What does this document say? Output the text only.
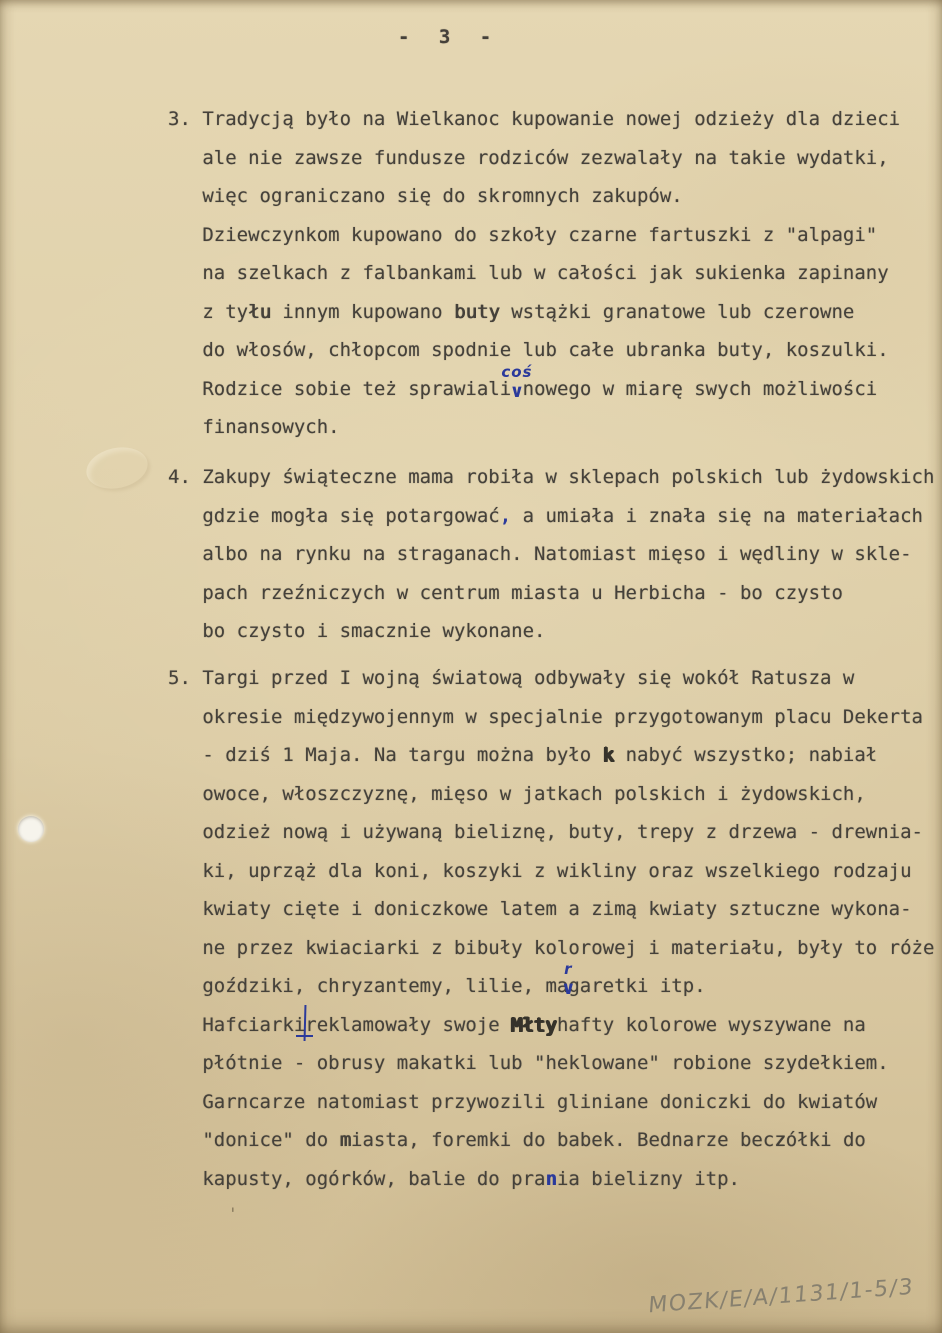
- 3 -
3. Tradycją było na Wielkanoc kupowanie nowej odzieży dla dzieci
ale nie zawsze fundusze rodziców zezwalały na takie wydatki,
więc ograniczano się do skromnych zakupów.
Dziewczynkom kupowano do szkoły czarne fartuszki z "alpagi"
na szelkach z falbankami lub w całości jak sukienka zapinany
z tyłu innym kupowano buty wstążki granatowe lub czerowne
do włosów, chłopcom spodnie lub całe ubranka buty, koszulki.
Rodzice sobie też sprawiali ∨   coś nowego w miarę swych możliwości
finansowych.
4. Zakupy świąteczne mama robiła w sklepach polskich lub żydowskich
gdzie mogła się potargować, a umiała i znała się na materiałach
albo na rynku na straganach. Natomiast mięso i wędliny w skle-
pach rzeźniczych w centrum miasta u Herbicha - bo czysto
bo czysto i smacznie wykonane.
5. Targi przed I wojną światową odbywały się wokół Ratusza w
okresie międzywojennym w specjalnie przygotowanym placu Dekerta
- dziś 1 Maja. Na targu można było k nabyć wszystko; nabiał
owoce, włoszczyznę, mięso w jatkach polskich i żydowskich,
odzież nową i używaną bieliznę, buty, trepy z drzewa - drewnia-
ki, uprząż dla koni, koszyki z wikliny oraz wszelkiego rodzaju
kwiaty cięte i doniczkowe latem a zimą kwiaty sztuczne wykona-
ne przez kwiaciarki z bibuły kolorowej i materiału, były to róże
goździki, chryzantemy, lilie, magaretki itp.
Hafciarkireklamowały swoje Młtyhafty kolorowe wyszywane na
płótnie - obrusy makatki lub "heklowane" robione szydełkiem.
Garncarze natomiast przywozili gliniane doniczki do kwiatów
"donice" do miasta, foremki do babek. Bednarze beczółki do
kapusty, ogórków, balie do prania bielizny itp.
'
MOZK/E/A/1131/1-5/3
